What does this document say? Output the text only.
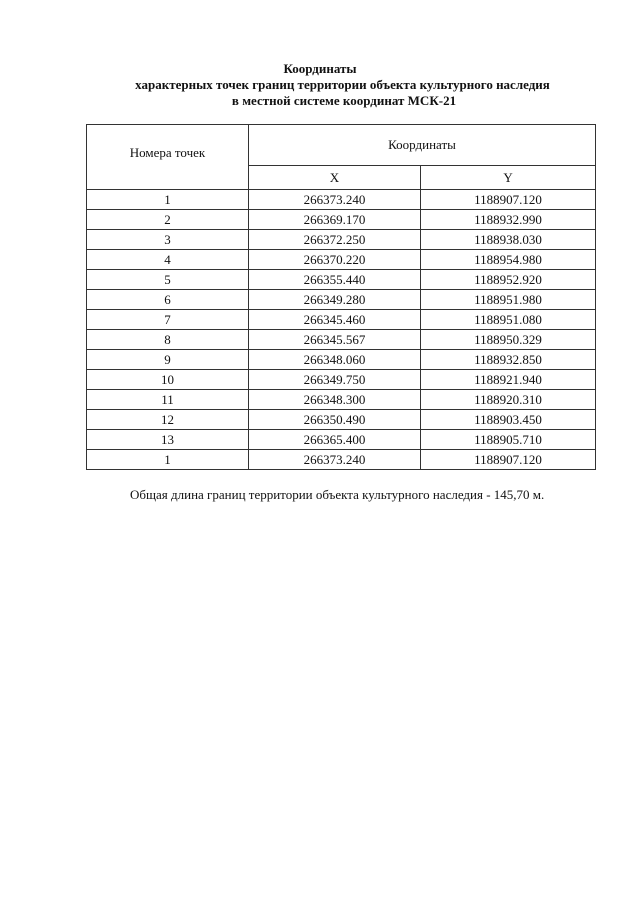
Координаты
характерных точек границ территории объекта культурного наследия
в местной системе координат МСК-21
Номера точек	Координаты	
	X	Y
1	266373.240	1188907.120
2	266369.170	1188932.990
3	266372.250	1188938.030
4	266370.220	1188954.980
5	266355.440	1188952.920
6	266349.280	1188951.980
7	266345.460	1188951.080
8	266345.567	1188950.329
9	266348.060	1188932.850
10	266349.750	1188921.940
11	266348.300	1188920.310
12	266350.490	1188903.450
13	266365.400	1188905.710
1	266373.240	1188907.120
Общая длина границ территории объекта культурного наследия - 145,70 м.
